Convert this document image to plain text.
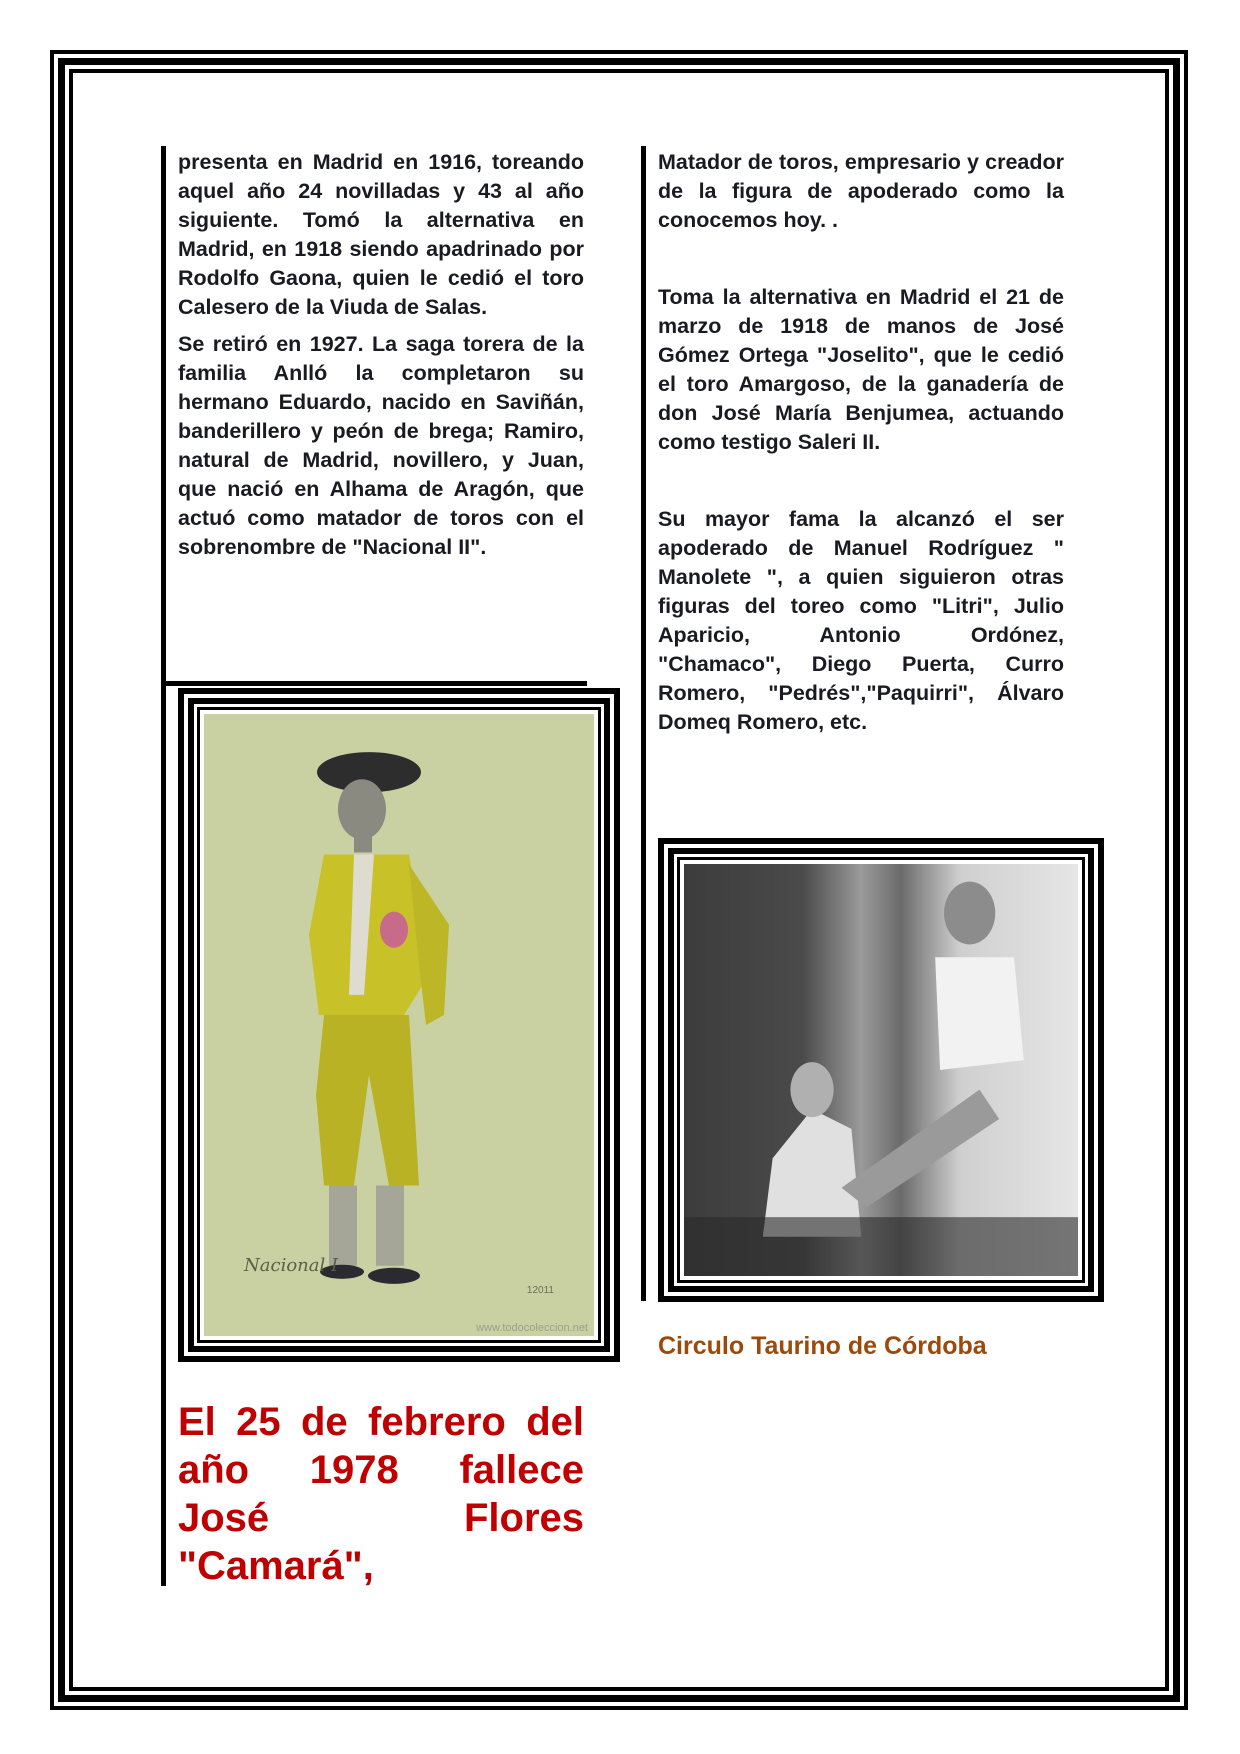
presenta en Madrid en 1916, toreando aquel año 24 novilladas y 43 al año siguiente. Tomó la alternativa en Madrid, en 1918 siendo apadrinado por Rodolfo Gaona, quien le cedió el toro Calesero de la Viuda de Salas.

Se retiró en 1927. La saga torera de la familia Anlló la completaron su hermano Eduardo, nacido en Saviñán, banderillero y peón de brega; Ramiro, natural de Madrid, novillero, y Juan, que nació en Alhama de Aragón, que actuó como matador de toros con el sobrenombre de "Nacional II".

Nacional I
12011
www.todocoleccion.net
El 25 de febrero del
año 1978 fallece
José Flores
"Camará",

Matador de toros, empresario y creador de la figura de apoderado como la conocemos hoy. .

Toma la alternativa en Madrid el 21 de marzo de 1918 de manos de José Gómez Ortega "Joselito", que le cedió el toro Amargoso, de la ganadería de don José María Benjumea, actuando como testigo Saleri II.

Su mayor fama la alcanzó el ser apoderado de Manuel Rodríguez " Manolete ", a quien siguieron otras figuras del toreo como "Litri", Julio Aparicio, Antonio Ordónez, "Chamaco", Diego Puerta, Curro Romero, "Pedrés","Paquirri", Álvaro Domeq Romero, etc.

Circulo Taurino de Córdoba
